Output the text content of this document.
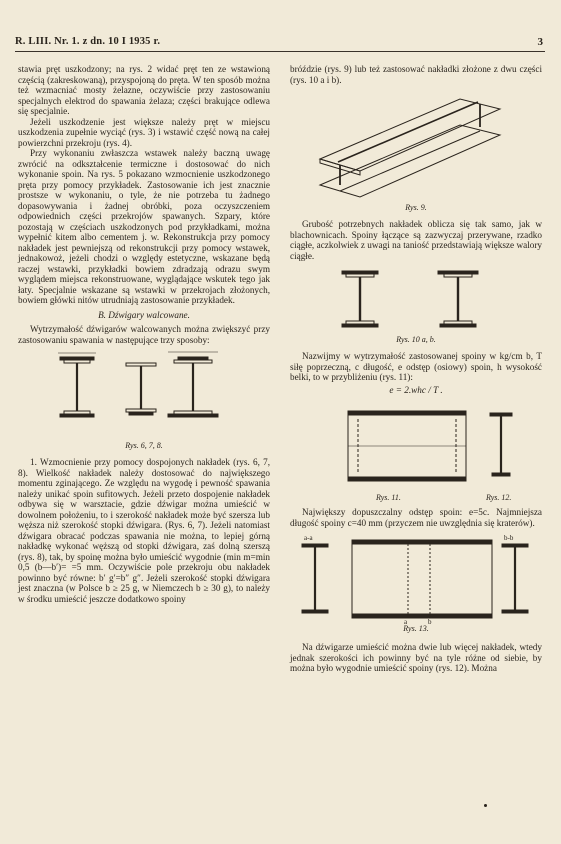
R. LIII. Nr. 1. z dn. 10 I 1935 r.	3

stawia pręt uszkodzony; na rys. 2 widać pręt ten ze wstawioną częścią (zakreskowaną), przyspojoną do pręta. W ten sposób można też wzmacniać mosty żelazne, oczywiście przy zastosowaniu specjalnych elektrod do spawania żelaza; części brakujące odlewa się specjalnie.

Jeżeli uszkodzenie jest większe należy pręt w miejscu uszkodzenia zupełnie wyciąć (rys. 3) i wstawić część nową na całej powierzchni przekroju (rys. 4).

Przy wykonaniu zwłaszcza wstawek należy baczną uwagę zwrócić na odkształcenie termiczne i dostosować do nich wykonanie spoin. Na rys. 5 pokazano wzmocnienie uszkodzonego pręta przy pomocy przykładek. Zastosowanie ich jest znacznie prostsze w wykonaniu, o tyle, że nie potrzeba tu żadnego dopasowywania i żadnej obróbki, poza oczyszczeniem odpowiednich części przekrojów spawanych. Szpary, które pozostają w częściach uszkodzonych pod przykładkami, można wypełnić kitem albo cementem j. w. Rekonstrukcja przy pomocy nakładek jest pewniejszą od rekonstrukcji przy pomocy wstawek, jednakowoż, jeżeli chodzi o względy estetyczne, wskazane będą raczej wstawki, przykładki bowiem zdradzają odrazu swym wyglądem miejsca rekonstruowane, wyglądające wskutek tego jak łaty. Specjalnie wskazane są wstawki w przekrojach złożonych, bowiem główki nitów utrudniają zastosowanie przykładek.

B. Dźwigary walcowane.

Wytrzymałość dźwigarów walcowanych można zwiększyć przy zastosowaniu spawania w następujące trzy sposoby:

Rys. 6, 7, 8.

1. Wzmocnienie przy pomocy dospojonych nakładek (rys. 6, 7, 8). Wielkość nakładek należy dostosować do największego momentu zginającego. Ze względu na wygodę i pewność spawania należy unikać spoin sufitowych. Jeżeli przeto dospojenie nakładek odbywa się w warsztacie, gdzie dźwigar można umieścić w dowolnem położeniu, to i szerokość nakładek może być szersza lub węższa niż szerokość stopki dźwigara. (Rys. 6, 7). Jeżeli natomiast dźwigara obracać podczas spawania nie można, to lepiej górną nakładkę wykonać węższą od stopki dźwigara, zaś dolną szerszą (rys. 8), tak, by spoinę można było umieścić wygodnie (min m=min 0,5 (b—b′)= =5 mm. Oczywiście pole przekroju obu nakładek powinno być równe: b′ g′=b″ g″. Jeżeli szerokość stopki dźwigara jest znaczna (w Polsce b ≥ 25 g, w Niemczech b ≥ 30 g), to należy w środku umieścić jeszcze dodatkowo spoiny

bróździe (rys. 9) lub też zastosować nakładki złożone z dwu części (rys. 10 a i b).

Rys. 9.

Grubość potrzebnych nakładek oblicza się tak samo, jak w blachownicach. Spoiny łączące są zazwyczaj przerywane, rzadko ciągłe, aczkolwiek z uwagi na taniość przedstawiają większe walory ciągłe.

Rys. 10 a, b.

Nazwijmy w wytrzymałość zastosowanej spoiny w kg/cm b, T siłę poprzeczną, c długość, e odstęp (osiowy) spoin, h wysokość belki, to w przybliżeniu (rys. 11):

e = 2.whc / T .
Rys. 11.	Rys. 12.

Największy dopuszczalny odstęp spoin: e=5c. Najmniejsza długość spoiny c=40 mm (przyczem nie uwzględnia się kraterów).

a-a	b-b
a	b
Rys. 13.

Na dźwigarze umieścić można dwie lub więcej nakładek, wtedy jednak szerokości ich powinny być na tyle różne od siebie, by można było wygodnie umieścić spoiny (rys. 12). Można
